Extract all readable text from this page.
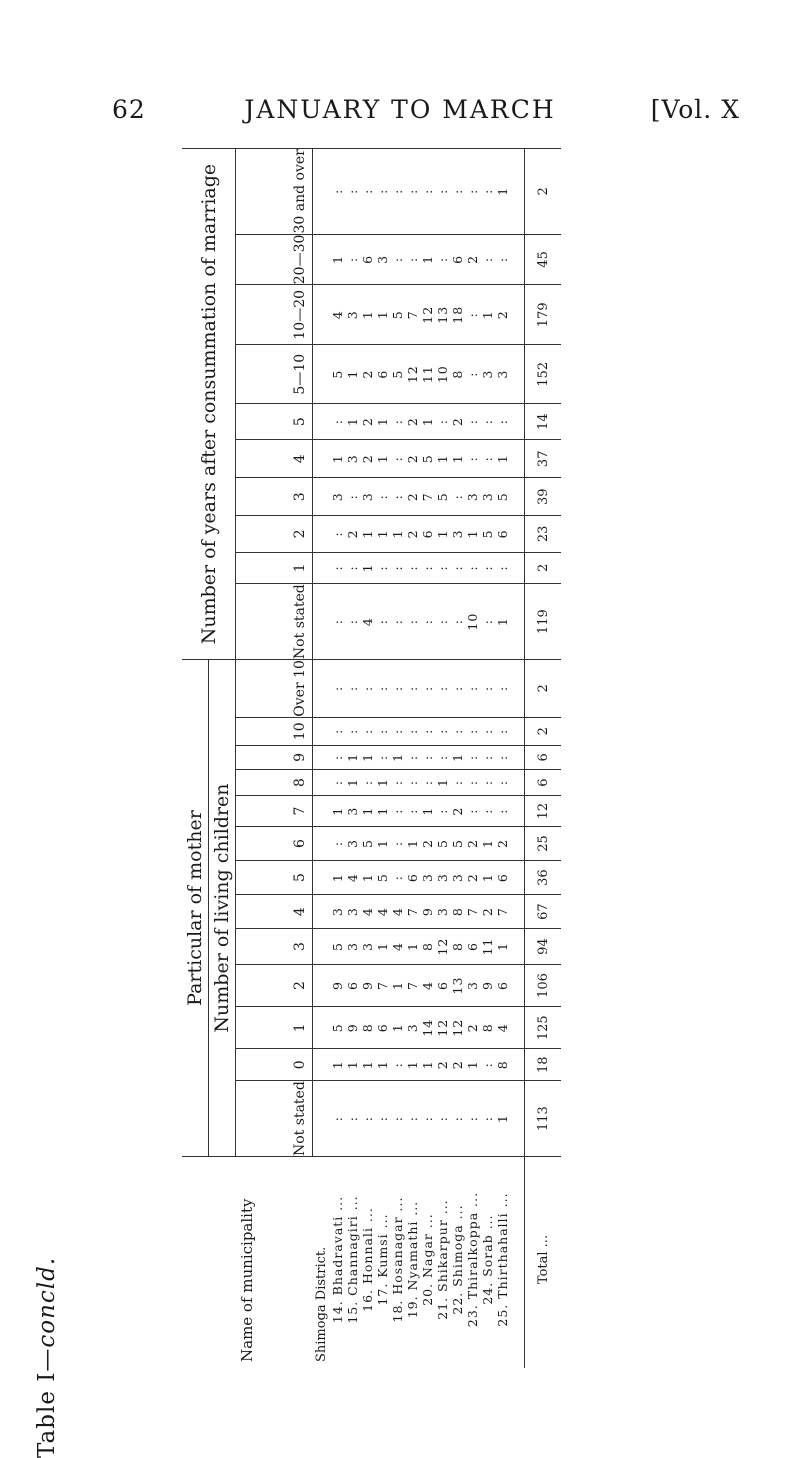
62	JANUARY TO MARCH	[Vol. X
Table I—concld.	Name of municipality	Particular of mother													Number of years after consummation of marriage									
	Number of living children																						
	Not stated	0	1	2	3	4	5	6	7	8	9	10	Over 10	Not stated	1	2	3	4	5	5—10	10—20	20—30	30 and over
Shimoga District.																							
14. Bhadravati ...	:	1	5	9	5	3	1	:	1	:	:	:	:	:	:	:	3	1	:	5	4	1	:
15. Channagiri ...	:	1	9	6	3	3	4	3	3	1	1	:	:	:	:	2	:	3	1	1	3	:	:
16. Honnali ...	:	1	8	9	3	4	1	5	1	:	1	:	:	4	1	1	3	2	2	2	1	6	:
17. Kumsi ...	:	1	6	7	1	4	5	1	1	1	:	:	:	:	:	1	:	1	1	6	1	3	:
18. Hosanagar ...	:	:	1	1	4	4	:	:	:	:	1	:	:	:	:	1	:	:	:	5	5	:	:
19. Nyamathi ...	:	1	3	7	1	7	6	1	:	:	:	:	:	:	:	2	2	2	2	12	7	:	:
20. Nagar ...	:	1	14	4	8	9	3	2	1	:	:	:	:	:	:	6	7	5	1	11	12	1	:
21. Shikarpur ...	:	2	12	6	12	3	3	5	:	1	:	:	:	:	:	1	5	1	:	10	13	:	:
22. Shimoga ...	:	2	12	13	8	8	3	5	2	:	1	:	:	:	:	3	:	1	2	8	18	6	:
23. Thiralkoppa ...	:	1	2	3	6	7	2	2	:	:	:	:	:	10	:	1	3	:	:	:	:	2	:
24. Sorab ...	:	:	8	9	11	2	1	1	:	:	:	:	:	:	:	5	3	:	:	3	1	:	:
25. Thirthahalli ...	1	8	4	6	1	7	6	2	:	:	:	:	:	1	:	6	5	1	:	3	2	:	1

Total ...	113	18	125	106	94	67	36	25	12	6	6	2	2	119	2	23	39	37	14	152	179	45	2
